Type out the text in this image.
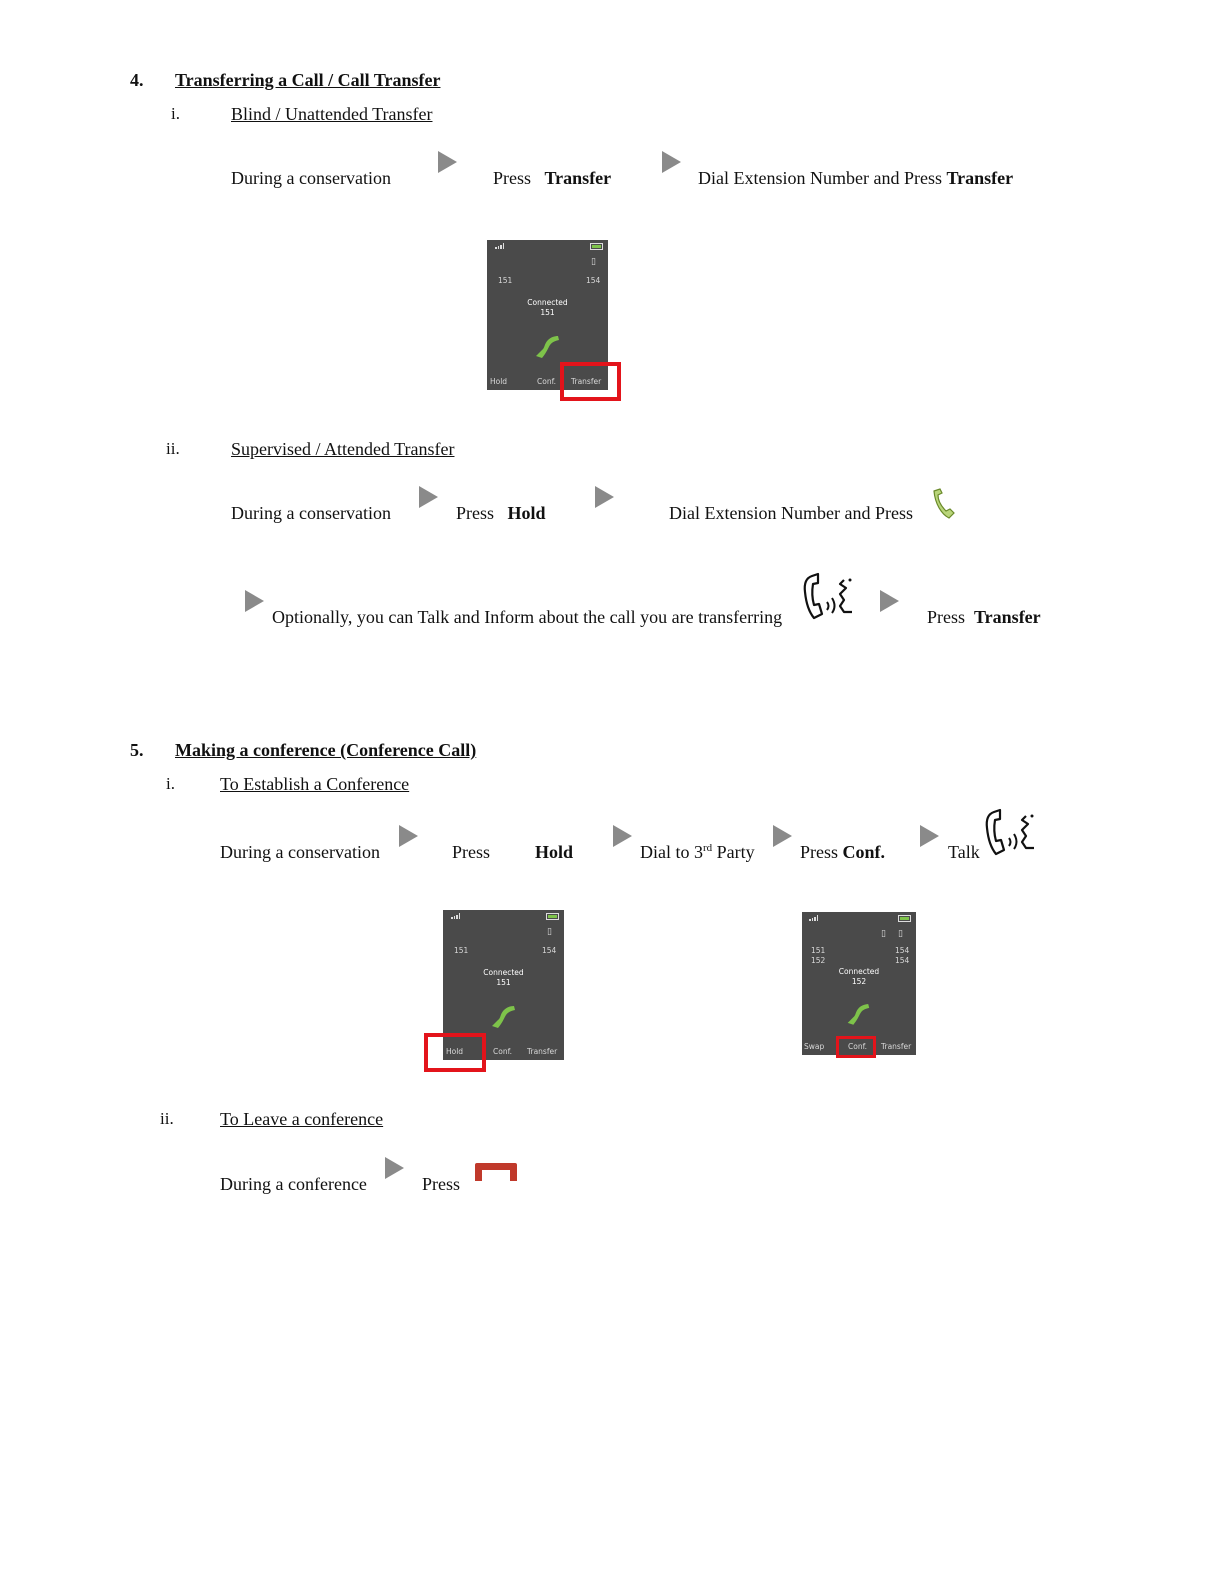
4. Transferring a Call / Call Transfer
i.	Blind / Unattended Transfer
During a conservation	Press Transfer	Dial Extension Number and Press Transfer
▯
151	154
Connected
151
Hold	Conf. Transfer
ii.	Supervised / Attended Transfer
During a conservation	Press Hold	Dial Extension Number and Press
Optionally, you can Talk and Inform about the call you are transferring	Press Transfer
5. Making a conference (Conference Call)
i.	To Establish a Conference
During a conservation	Press	Hold	Dial to 3rd Party	Press Conf.	Talk
▯
151	154
Connected
151
Hold	Conf. Transfer
▯ ▯
151
152
154
154
Connected
152
Swap	Conf. Transfer
ii.	To Leave a conference
During a conference	Press
